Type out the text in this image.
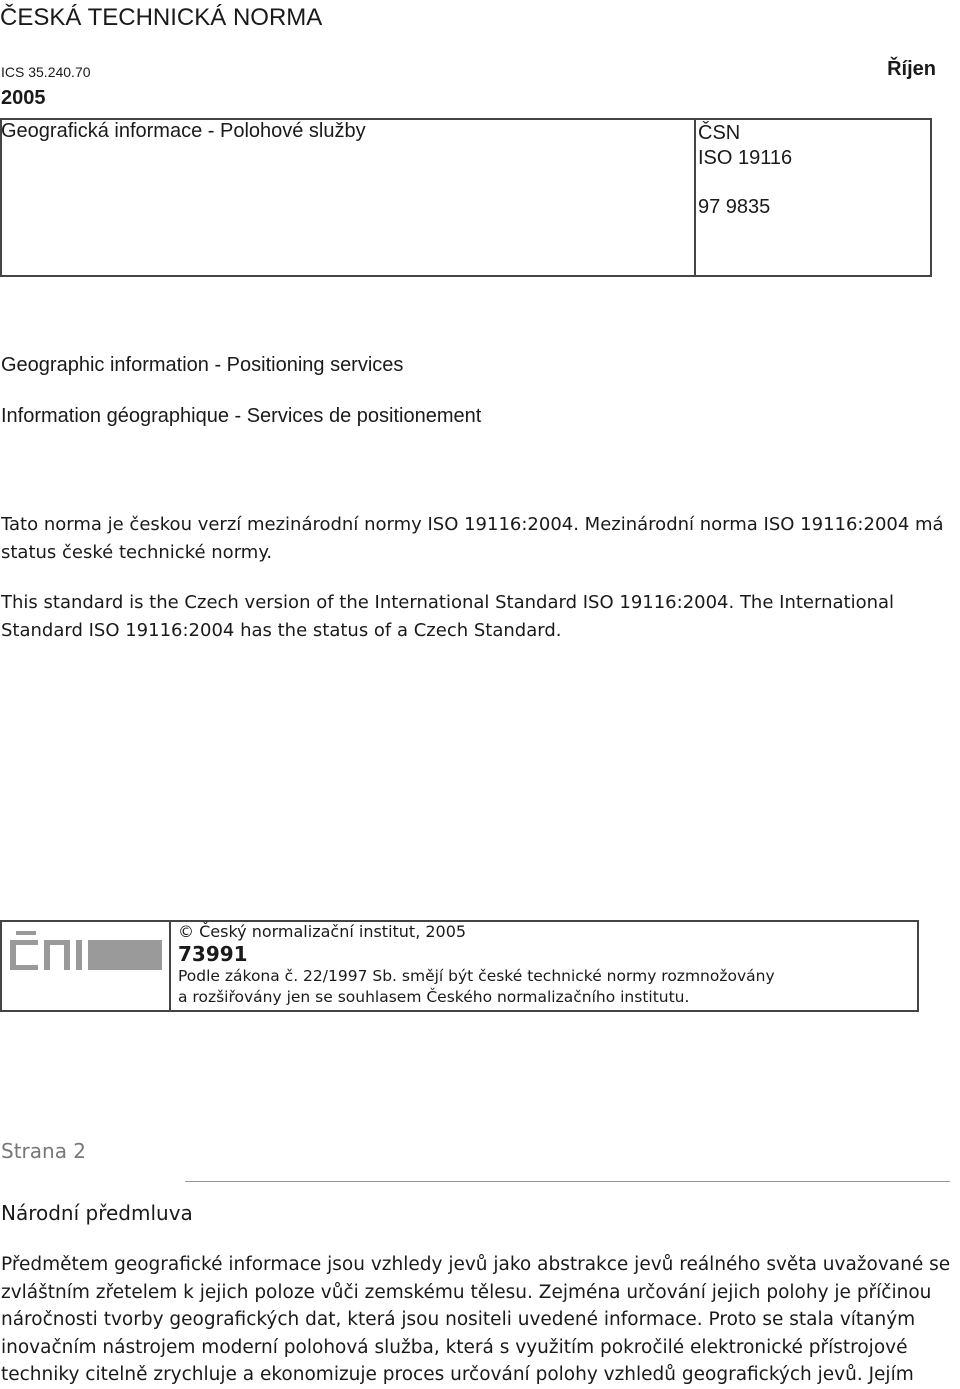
ČESKÁ TECHNICKÁ NORMA
ICS 35.240.70	Říjen
2005
ČSN
ISO 19116
97 9835
Geografická informace - Polohové služby
Geographic information - Positioning services
Information géographique - Services de positionement
Tato norma je českou verzí mezinárodní normy ISO 19116:2004. Mezinárodní norma ISO 19116:2004 má status české technické normy.
This standard is the Czech version of the International Standard ISO 19116:2004. The International Standard ISO 19116:2004 has the status of a Czech Standard.
© Český normalizační institut, 2005
73991
Podle zákona č. 22/1997 Sb. smějí být české technické normy rozmnožovány
a rozšiřovány jen se souhlasem Českého normalizačního institutu.
Strana 2
Národní předmluva
Předmětem geografické informace jsou vzhledy jevů jako abstrakce jevů reálného světa uvažované se
zvláštním zřetelem k jejich poloze vůči zemskému tělesu. Zejména určování jejich polohy je příčinou
náročnosti tvorby geografických dat, která jsou nositeli uvedené informace. Proto se stala vítaným
inovačním nástrojem moderní polohová služba, která s využitím pokročilé elektronické přístrojové
techniky citelně zrychluje a ekonomizuje proces určování polohy vzhledů geografických jevů. Jejím
